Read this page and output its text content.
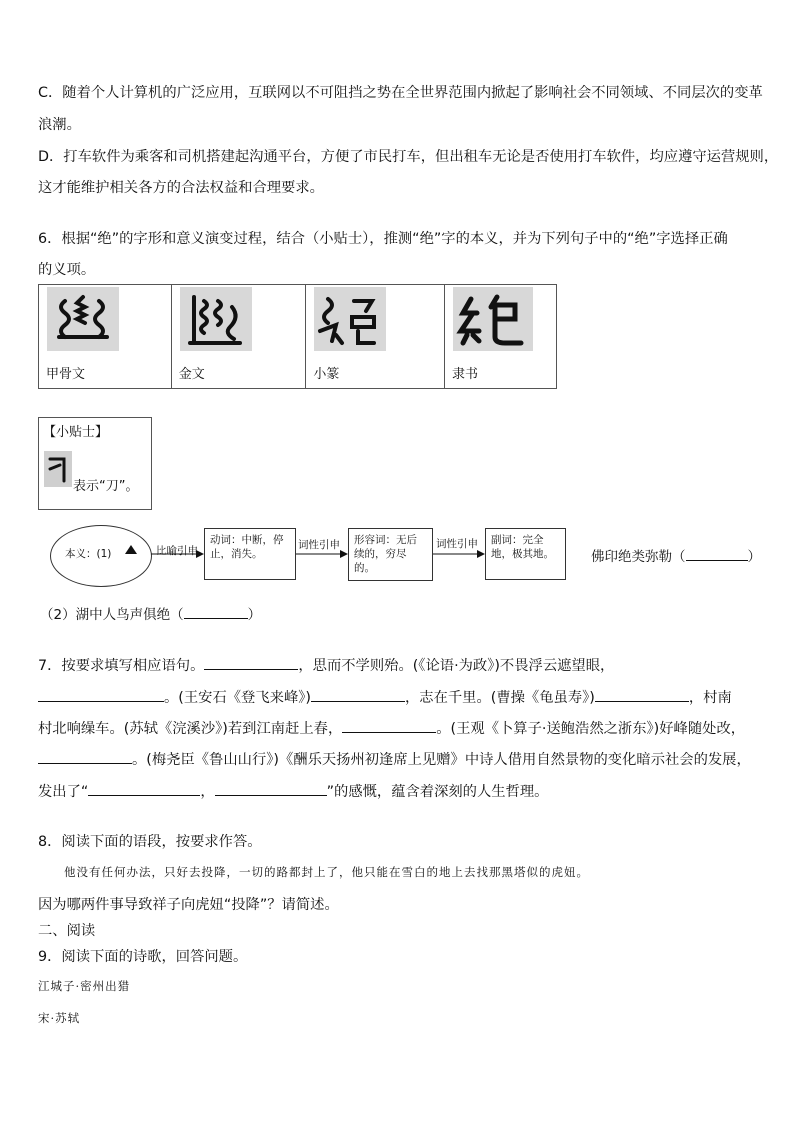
C．随着个人计算机的广泛应用，互联网以不可阻挡之势在全世界范围内掀起了影响社会不同领域、不同层次的变革
浪潮。
D．打车软件为乘客和司机搭建起沟通平台，方便了市民打车，但出租车无论是否使用打车软件，均应遵守运营规则，
这才能维护相关各方的合法权益和合理要求。
6．根据“绝”的字形和意义演变过程，结合（小贴士），推测“绝”字的本义，并为下列句子中的“绝”字选择正确
的义项。
甲骨文	金文	小篆	隶书
【小贴士】
表示“刀”。
本义：(1)	比喻引申
动词：中断，停止，消失。
词性引申	形容词：无后续的，穷尽的。
词性引申	副词：完全地，极其地。	佛印绝类弥勒（	）
（2）湖中人鸟声俱绝（	）
7．按要求填写相应语句。	，思而不学则殆。(《论语·为政》)不畏浮云遮望眼，
。(王安石《登飞来峰》)	，志在千里。(曹操《龟虽寿》)	，村南
村北响缲车。(苏轼《浣溪沙》)若到江南赶上春，	。(王观《卜算子·送鲍浩然之浙东》)好峰随处改，
。(梅尧臣《鲁山山行》)《酬乐天扬州初逢席上见赠》中诗人借用自然景物的变化暗示社会的发展，
发出了“	，	”的感慨，蕴含着深刻的人生哲理。
8．阅读下面的语段，按要求作答。
他没有任何办法，只好去投降，一切的路都封上了，他只能在雪白的地上去找那黑塔似的虎妞。
因为哪两件事导致祥子向虎妞“投降”？请简述。
二、阅读
9．阅读下面的诗歌，回答问题。
江城子·密州出猎
宋·苏轼
